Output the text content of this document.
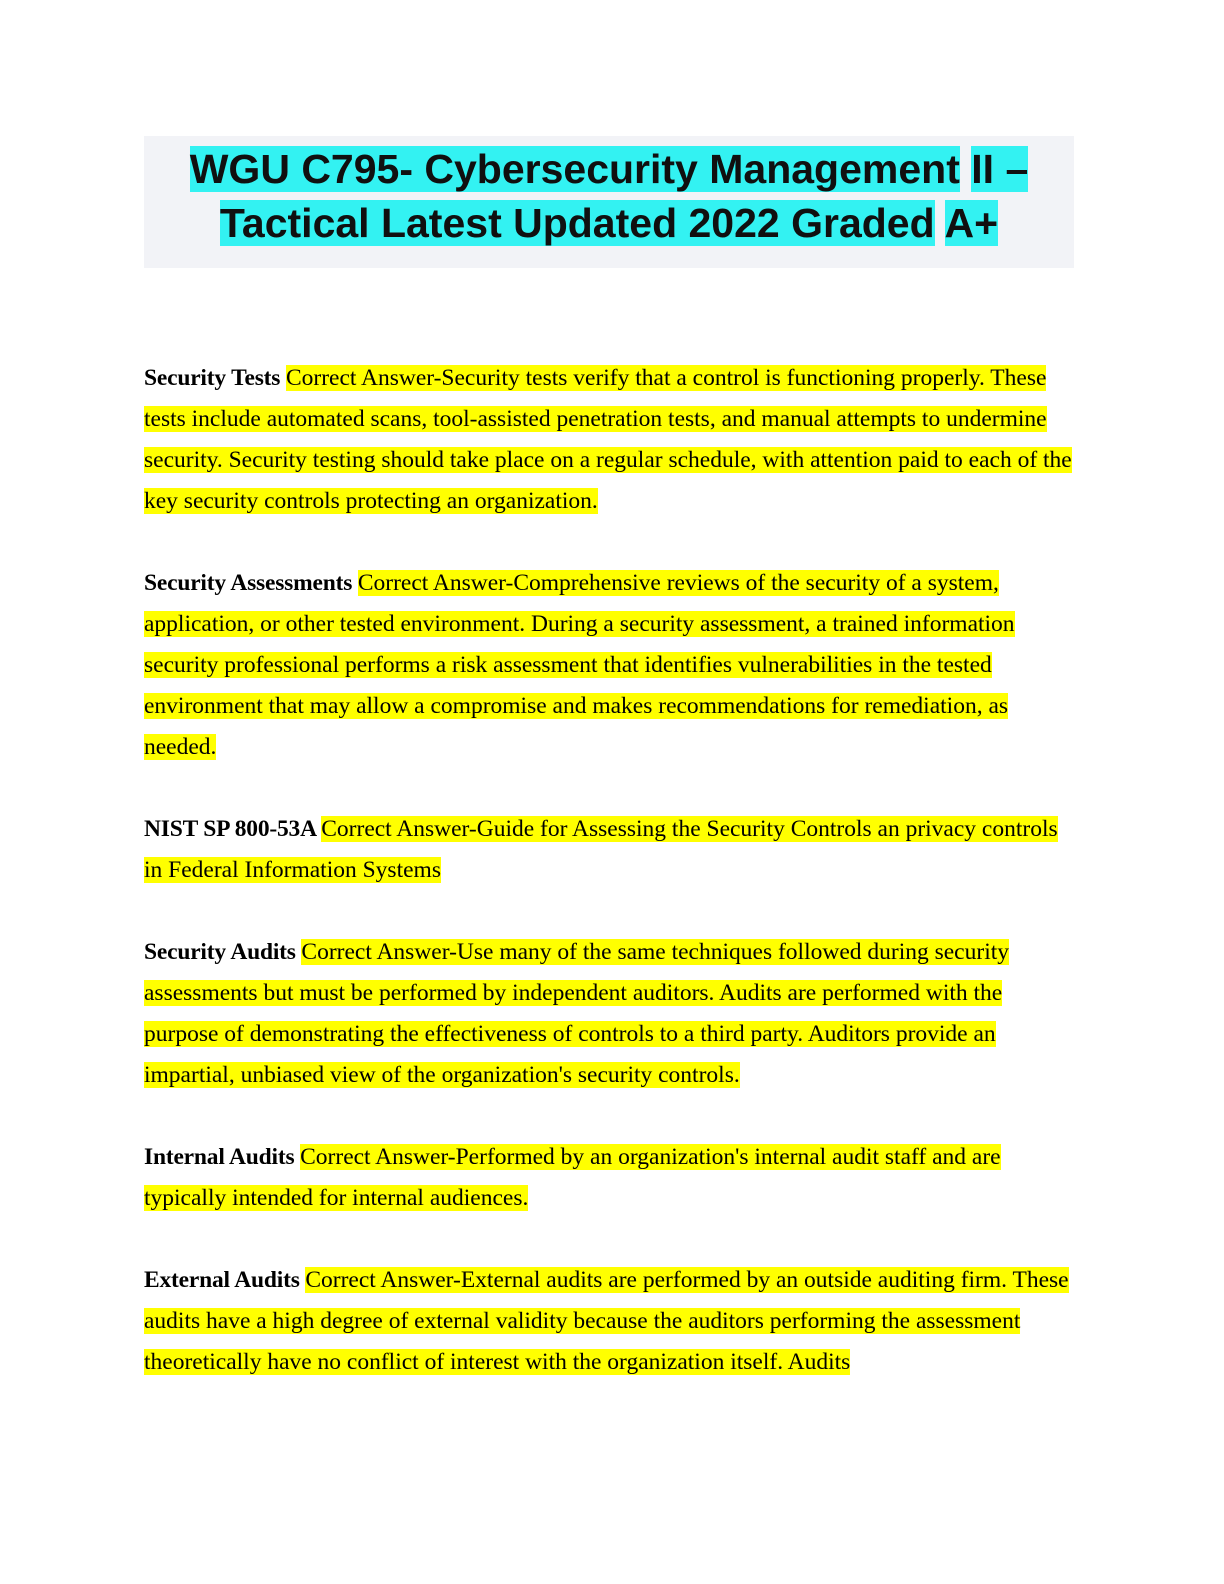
WGU C795- Cybersecurity Management II – Tactical Latest Updated 2022 Graded A+

Security Tests Correct Answer-Security tests verify that a control is functioning properly. These tests include automated scans, tool-assisted penetration tests, and manual attempts to undermine security. Security testing should take place on a regular schedule, with attention paid to each of the key security controls protecting an organization.

Security Assessments Correct Answer-Comprehensive reviews of the security of a system, application, or other tested environment. During a security assessment, a trained information security professional performs a risk assessment that identifies vulnerabilities in the tested environment that may allow a compromise and makes recommendations for remediation, as needed.

NIST SP 800-53A Correct Answer-Guide for Assessing the Security Controls an privacy controls in Federal Information Systems

Security Audits Correct Answer-Use many of the same techniques followed during security assessments but must be performed by independent auditors. Audits are performed with the purpose of demonstrating the effectiveness of controls to a third party. Auditors provide an impartial, unbiased view of the organization's security controls.

Internal Audits Correct Answer-Performed by an organization's internal audit staff and are typically intended for internal audiences.

External Audits Correct Answer-External audits are performed by an outside auditing firm. These audits have a high degree of external validity because the auditors performing the assessment theoretically have no conflict of interest with the organization itself. Audits
